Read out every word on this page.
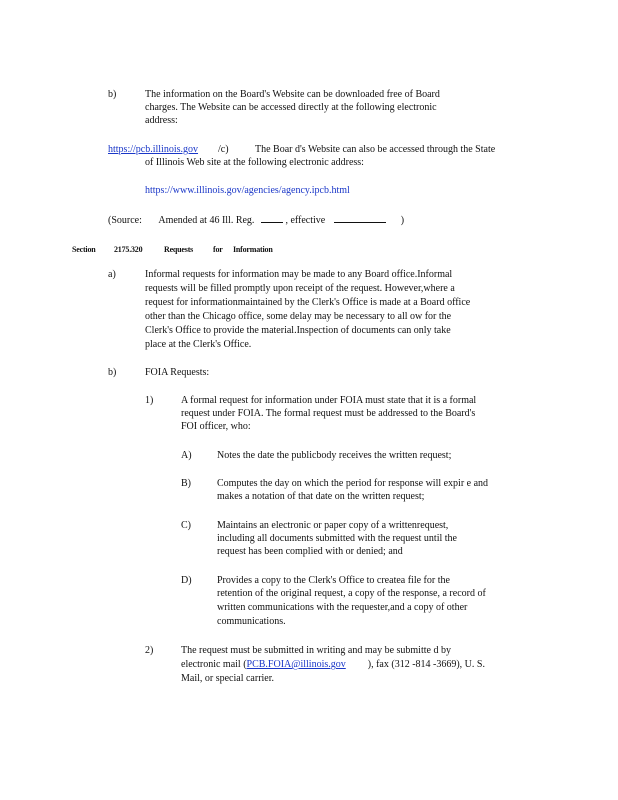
b)	The information on the Board's Website can be downloaded free of Board
charges. The Website can be accessed directly at the following electronic
address:
https://pcb.illinois.gov	/c)	The Boar d's Website can also be accessed through the State
of Illinois Web site at the following electronic address:
https://www.illinois.gov/agencies/agency.ipcb.html
(Source: Amended at 46 Ill. Reg.	, effective	)
Section 2175.320	Requests for Information
a)	Informal requests for information may be made to any Board office.Informal
requests will be filled promptly upon receipt of the request. However,where a
request for informationmaintained by the Clerk's Office is made at a Board office
other than the Chicago office, some delay may be necessary to all ow for the
Clerk's Office to provide the material.Inspection of documents can only take
place at the Clerk's Office.
b)	FOIA Requests:
1)	A formal request for information under FOIA must state that it is a formal
request under FOIA. The formal request must be addressed to the Board's
FOI officer, who:
A)	Notes the date the publicbody receives the written request;
B)	Computes the day on which the period for response will expir e and
makes a notation of that date on the written request;
C)	Maintains an electronic or paper copy of a writtenrequest,
including all documents submitted with the request until the
request has been complied with or denied; and
D)	Provides a copy to the Clerk's Office to createa file for the
retention of the original request, a copy of the response, a record of
written communications with the requester,and a copy of other
communications.
2)	The request must be submitted in writing and may be submitte d by
electronic mail (PCB.FOIA@illinois.gov ), fax (312 -814 -3669), U. S.
Mail, or special carrier.
